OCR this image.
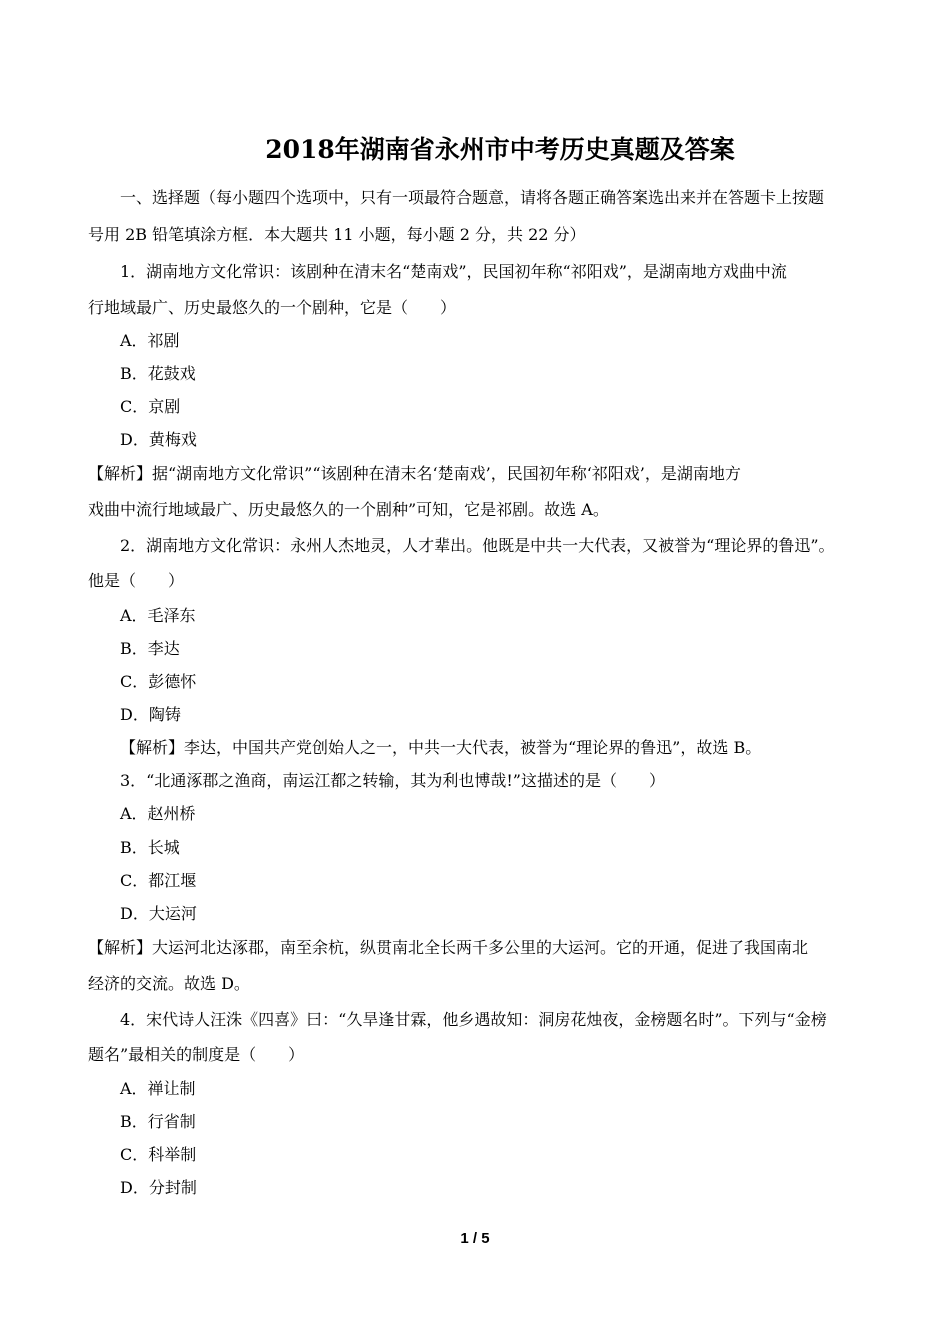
2018年湖南省永州市中考历史真题及答案
一、选择题（每小题四个选项中，只有一项最符合题意，请将各题正确答案选出来并在答题卡上按题
号用 2B 铅笔填涂方框．本大题共 11 小题，每小题 2 分，共 22 分）
1．湖南地方文化常识：该剧种在清末名“楚南戏”，民国初年称“祁阳戏”，是湖南地方戏曲中流
行地域最广、历史最悠久的一个剧种，它是（　　）
A．祁剧
B．花鼓戏
C．京剧
D．黄梅戏
【解析】据“湖南地方文化常识”“该剧种在清末名‘楚南戏’，民国初年称‘祁阳戏’，是湖南地方
戏曲中流行地域最广、历史最悠久的一个剧种”可知，它是祁剧。故选 A。
2．湖南地方文化常识：永州人杰地灵，人才辈出。他既是中共一大代表，又被誉为“理论界的鲁迅”。
他是（　　）
A．毛泽东
B．李达
C．彭德怀
D．陶铸
【解析】李达，中国共产党创始人之一，中共一大代表，被誉为“理论界的鲁迅”，故选 B。
3．“北通涿郡之渔商，南运江都之转输，其为利也博哉!”这描述的是（　　）
A．赵州桥
B．长城
C．都江堰
D．大运河
【解析】大运河北达涿郡，南至余杭，纵贯南北全长两千多公里的大运河。它的开通，促进了我国南北
经济的交流。故选 D。
4．宋代诗人汪洙《四喜》曰：“久旱逢甘霖，他乡遇故知：洞房花烛夜，金榜题名时”。下列与“金榜
题名”最相关的制度是（　　）
A．禅让制
B．行省制
C．科举制
D．分封制
1 / 5
